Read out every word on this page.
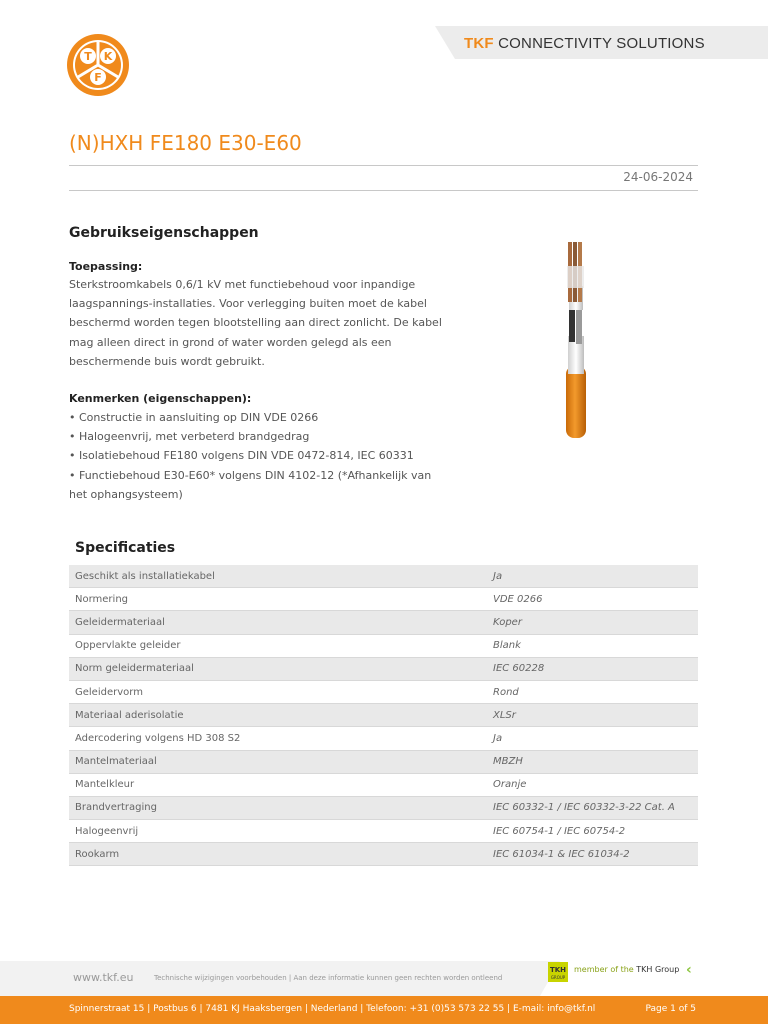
TKF CONNECTIVITY SOLUTIONS
T K
F
(N)HXH FE180 E30-E60
24-06-2024
Gebruikseigenschappen
Toepassing:
Sterkstroomkabels 0,6/1 kV met functiebehoud voor inpandige laagspannings-installaties. Voor verlegging buiten moet de kabel beschermd worden tegen blootstelling aan direct zonlicht. De kabel mag alleen direct in grond of water worden gelegd als een beschermende buis wordt gebruikt.
Kenmerken (eigenschappen):
• Constructie in aansluiting op DIN VDE 0266
• Halogeenvrij, met verbeterd brandgedrag
• Isolatiebehoud FE180 volgens DIN VDE 0472-814, IEC 60331
• Functiebehoud E30-E60* volgens DIN 4102-12 (*Afhankelijk van het ophangsysteem)
Specificaties
Geschikt als installatiekabel	Ja
Normering	VDE 0266
Geleidermateriaal	Koper
Oppervlakte geleider	Blank
Norm geleidermateriaal	IEC 60228
Geleidervorm	Rond
Materiaal aderisolatie	XLSr
Adercodering volgens HD 308 S2	Ja
Mantelmateriaal	MBZH
Mantelkleur	Oranje
Brandvertraging	IEC 60332-1 / IEC 60332-3-22 Cat. A
Halogeenvrij	IEC 60754-1 / IEC 60754-2
Rookarm	IEC 61034-1 & IEC 61034-2
www.tkf.eu	Technische wijzigingen voorbehouden | Aan deze informatie kunnen geen rechten worden ontleend
TKH
GROUP
member of the TKH Group ‹
Spinnerstraat 15 | Postbus 6 | 7481 KJ Haaksbergen | Nederland | Telefoon: +31 (0)53 573 22 55 | E-mail: info@tkf.nl	Page 1 of 5
